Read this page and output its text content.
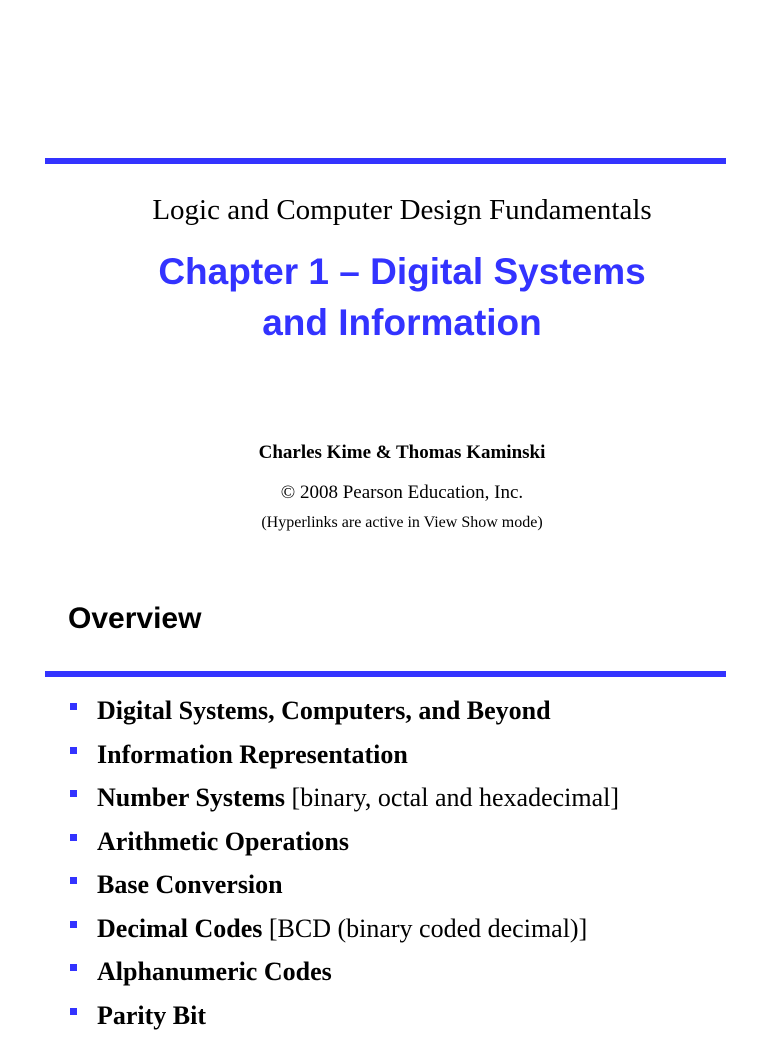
Logic and Computer Design Fundamentals
Chapter 1 – Digital Systems
and Information
Charles Kime & Thomas Kaminski
© 2008 Pearson Education, Inc.
(Hyperlinks are active in View Show mode)
Overview
Digital Systems, Computers, and Beyond
Information Representation
Number Systems [binary, octal and hexadecimal]
Arithmetic Operations
Base Conversion
Decimal Codes [BCD (binary coded decimal)]
Alphanumeric Codes
Parity Bit
